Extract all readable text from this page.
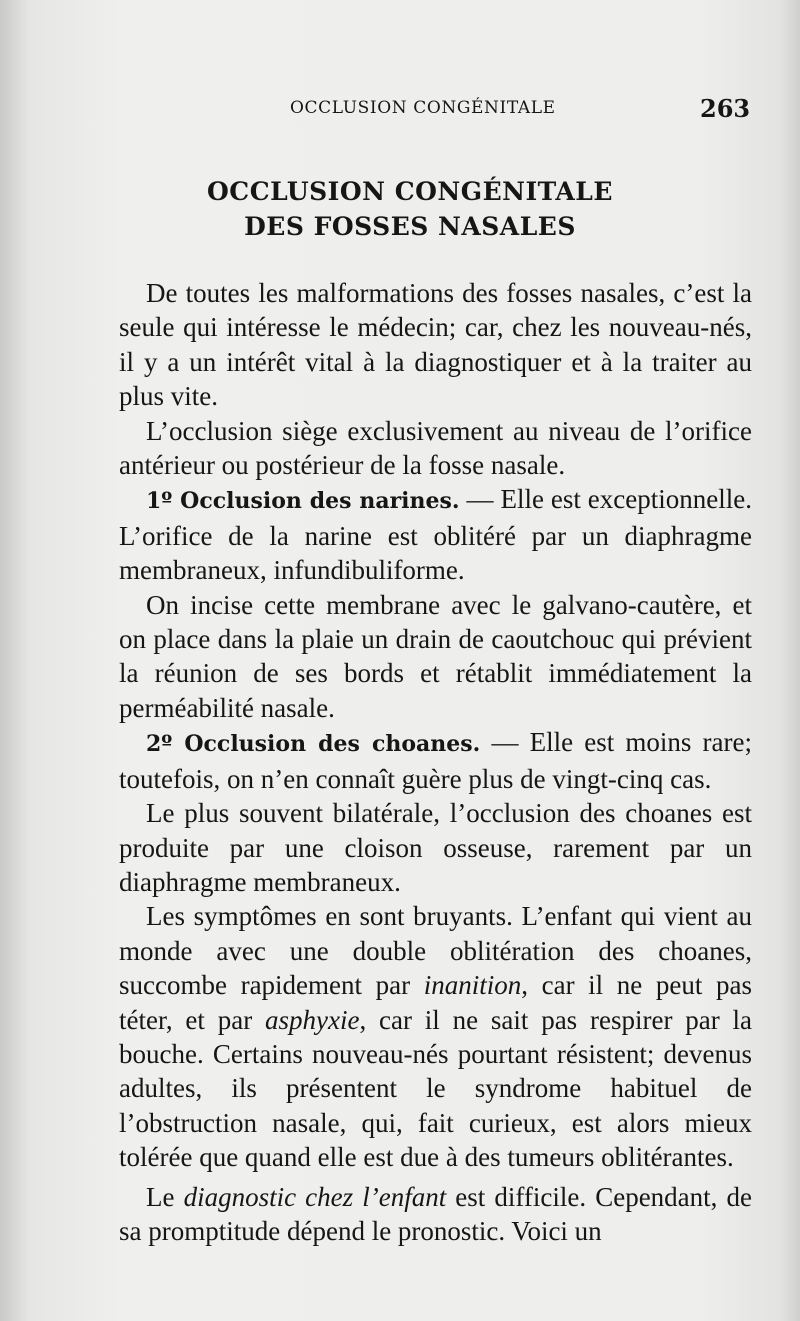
OCCLUSION CONGÉNITALE	263
OCCLUSION CONGÉNITALE
DES FOSSES NASALES

De toutes les malformations des fosses nasales, c’est la seule qui intéresse le médecin; car, chez les nouveau-nés, il y a un intérêt vital à la diagnostiquer et à la traiter au plus vite.

L’occlusion siège exclusivement au niveau de l’orifice antérieur ou postérieur de la fosse nasale.

1º Occlusion des narines. — Elle est exceptionnelle. L’orifice de la narine est oblitéré par un diaphragme membraneux, infundibuliforme.

On incise cette membrane avec le galvano-cautère, et on place dans la plaie un drain de caoutchouc qui prévient la réunion de ses bords et rétablit immédiatement la perméabilité nasale.

2º Occlusion des choanes. — Elle est moins rare; toutefois, on n’en connaît guère plus de vingt-cinq cas.

Le plus souvent bilatérale, l’occlusion des choanes est produite par une cloison osseuse, rarement par un diaphragme membraneux.

Les symptômes en sont bruyants. L’enfant qui vient au monde avec une double oblitération des choanes, succombe rapidement par inanition, car il ne peut pas téter, et par asphyxie, car il ne sait pas respirer par la bouche. Certains nouveau-nés pourtant résistent; devenus adultes, ils présentent le syndrome habituel de l’obstruction nasale, qui, fait curieux, est alors mieux tolérée que quand elle est due à des tumeurs oblitérantes.

Le diagnostic chez l’enfant est difficile. Cependant, de sa promptitude dépend le pronostic. Voici un
